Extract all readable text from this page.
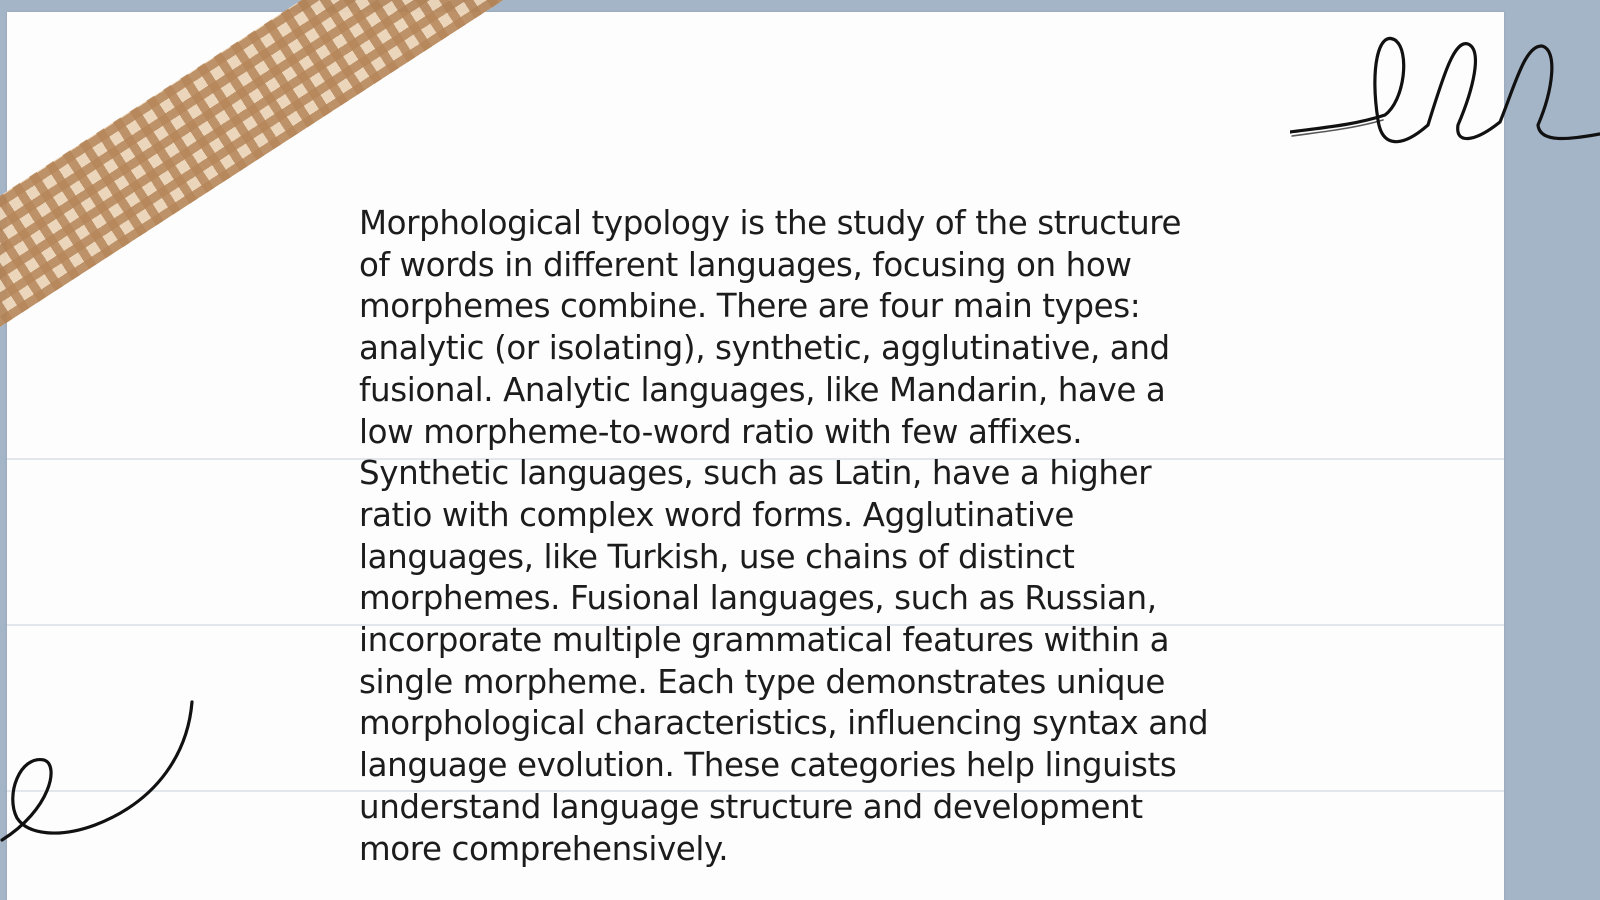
Morphological typology is the study of the structure
of words in different languages, focusing on how
morphemes combine. There are four main types:
analytic (or isolating), synthetic, agglutinative, and
fusional. Analytic languages, like Mandarin, have a
low morpheme-to-word ratio with few affixes.
Synthetic languages, such as Latin, have a higher
ratio with complex word forms. Agglutinative
languages, like Turkish, use chains of distinct
morphemes. Fusional languages, such as Russian,
incorporate multiple grammatical features within a
single morpheme. Each type demonstrates unique
morphological characteristics, influencing syntax and
language evolution. These categories help linguists
understand language structure and development
more comprehensively.
